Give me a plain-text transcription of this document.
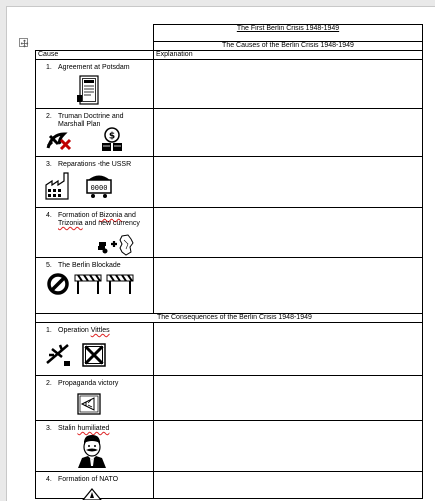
	The First Berlin Crisis 1948-1949
	The Causes of the Berlin Crisis 1948-1949
Cause	Explanation

1. Agreement at Potsdam	

2. Truman Doctrine and Marshall Plan
$	

3. Reparations -the USSR
0000	

4. Formation of Bizonia and Trizonia and new currency	

5. The Berlin Blockade	

The Consequences of the Berlin Crisis 1948-1949	

1. Operation Vittles	

2. Propaganda victory	

3. Stalin humiliated	

4. Formation of NATO	
